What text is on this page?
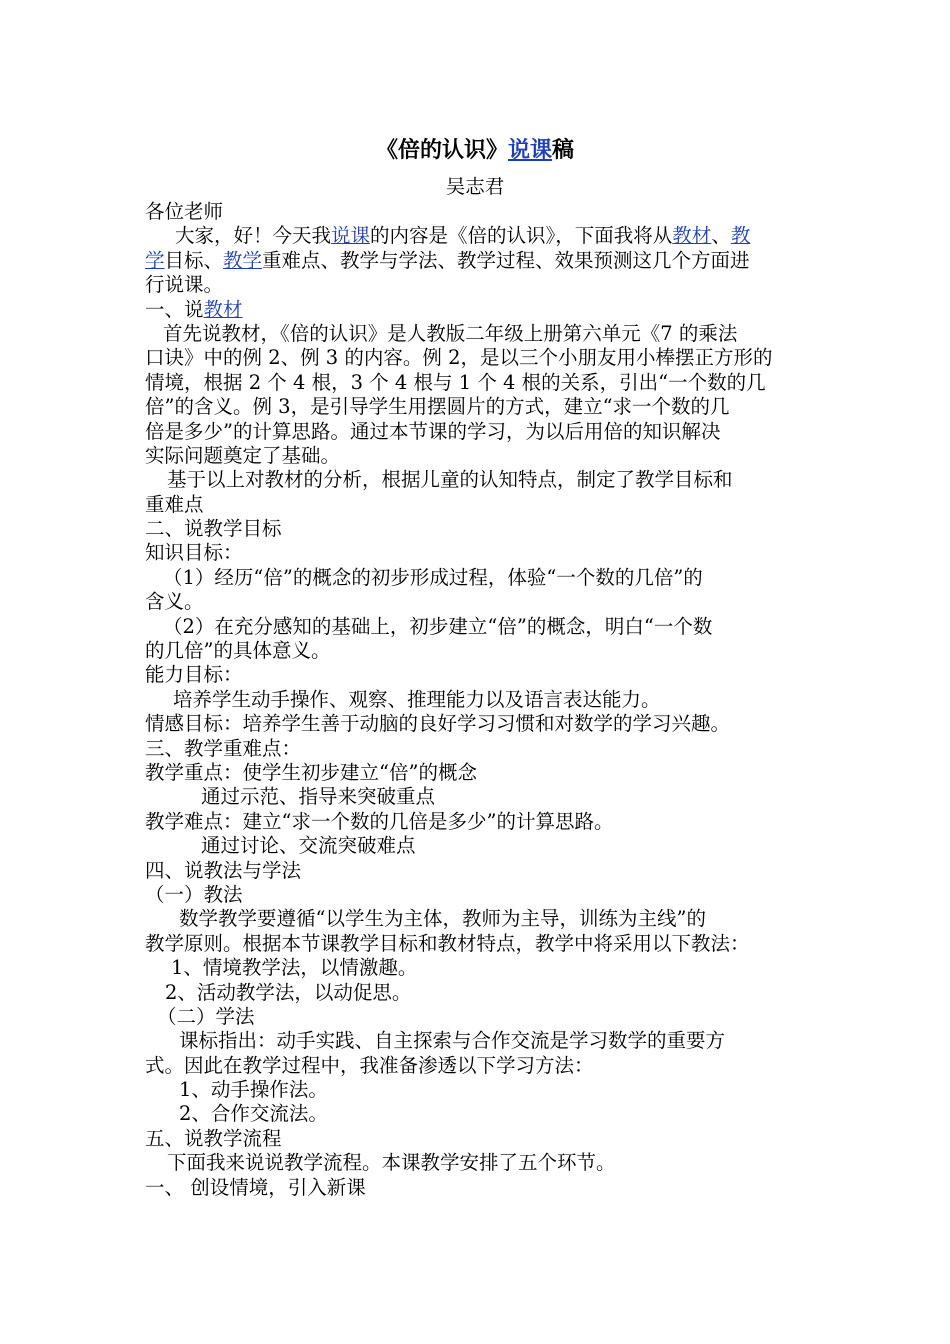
《倍的认识》说课稿
吴志君
各位老师
大家，好！今天我说课的内容是《倍的认识》，下面我将从教材、教
学目标、教学重难点、教学与学法、教学过程、效果预测这几个方面进
行说课。
一、说教材
首先说教材，《倍的认识》是人教版二年级上册第六单元《7 的乘法
口诀》中的例 2、例 3 的内容。例 2，是以三个小朋友用小棒摆正方形的
情境，根据 2 个 4 根，3 个 4 根与 1 个 4 根的关系，引出“一个数的几
倍”的含义。例 3，是引导学生用摆圆片的方式，建立“求一个数的几
倍是多少”的计算思路。通过本节课的学习，为以后用倍的知识解决
实际问题奠定了基础。
基于以上对教材的分析，根据儿童的认知特点，制定了教学目标和
重难点
二、说教学目标
知识目标：
（1）经历“倍”的概念的初步形成过程，体验“一个数的几倍”的
含义。
（2）在充分感知的基础上，初步建立“倍”的概念，明白“一个数
的几倍”的具体意义。
能力目标：
培养学生动手操作、观察、推理能力以及语言表达能力。
情感目标：培养学生善于动脑的良好学习习惯和对数学的学习兴趣。
三、教学重难点：
教学重点：使学生初步建立“倍”的概念
通过示范、指导来突破重点
教学难点：建立“求一个数的几倍是多少”的计算思路。
通过讨论、交流突破难点
四、说教法与学法
（一）教法
数学教学要遵循“以学生为主体，教师为主导，训练为主线”的
教学原则。根据本节课教学目标和教材特点，教学中将采用以下教法：
1、情境教学法，以情激趣。
2、活动教学法，以动促思。
（二）学法
课标指出：动手实践、自主探索与合作交流是学习数学的重要方
式。因此在教学过程中，我准备渗透以下学习方法：
1、动手操作法。
2、合作交流法。
五、说教学流程
下面我来说说教学流程。本课教学安排了五个环节。
一、 创设情境，引入新课
